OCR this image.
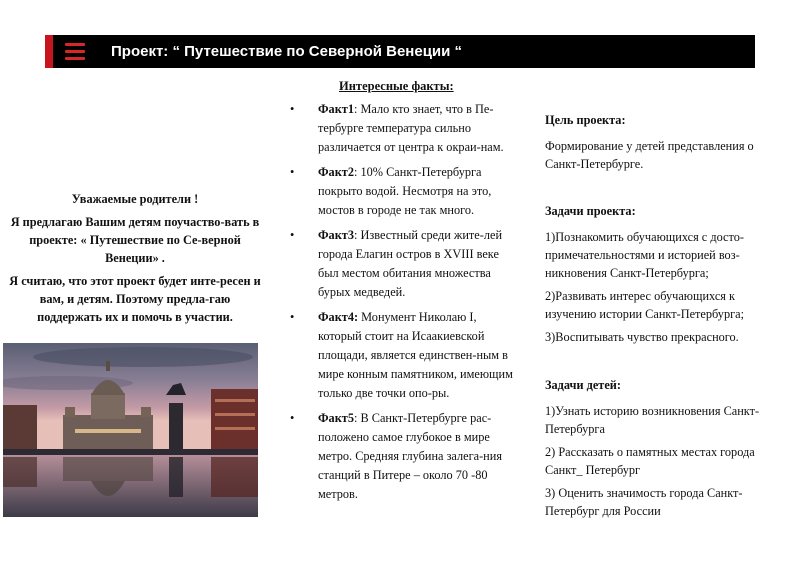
Проект: “ Путешествие по Северной Венеции “

Уважаемые родители !

Я предлагаю Вашим детям поучаство-вать в проекте: « Путешествие по Се-верной Венеции» .

Я считаю, что этот проект будет инте-ресен и вам, и детям. Поэтому предла-гаю поддержать их и помочь в участии.

Интересные факты:
• Факт1: Мало кто знает, что в Пе-тербурге температура сильно различается от центра к окраи-нам.
• Факт2: 10% Санкт-Петербурга покрыто водой. Несмотря на это, мостов в городе не так много.
• Факт3: Известный среди жите-лей города Елагин остров в XVIII веке был местом обитания множества бурых медведей.
• Факт4: Монумент Николаю I, который стоит на Исаакиевской площади, является единствен-ным в мире конным памятником, имеющим только две точки опо-ры.
• Факт5: В Санкт-Петербурге рас-положено самое глубокое в мире метро. Средняя глубина залега-ния станций в Питере – около 70 -80 метров.

Цель проекта:

Формирование у детей представления о Санкт-Петербурге.

Задачи проекта:

1)Познакомить обучающихся с досто-примечательностями и историей воз-никновения Санкт-Петербурга;

2)Развивать интерес обучающихся к изучению истории Санкт-Петербурга;

3)Воспитывать чувство прекрасного.

Задачи детей:

1)Узнать историю возникновения Санкт- Петербурга

2) Рассказать о памятных местах города Санкт_ Петербург

3) Оценить значимость города Санкт-Петербург для России
